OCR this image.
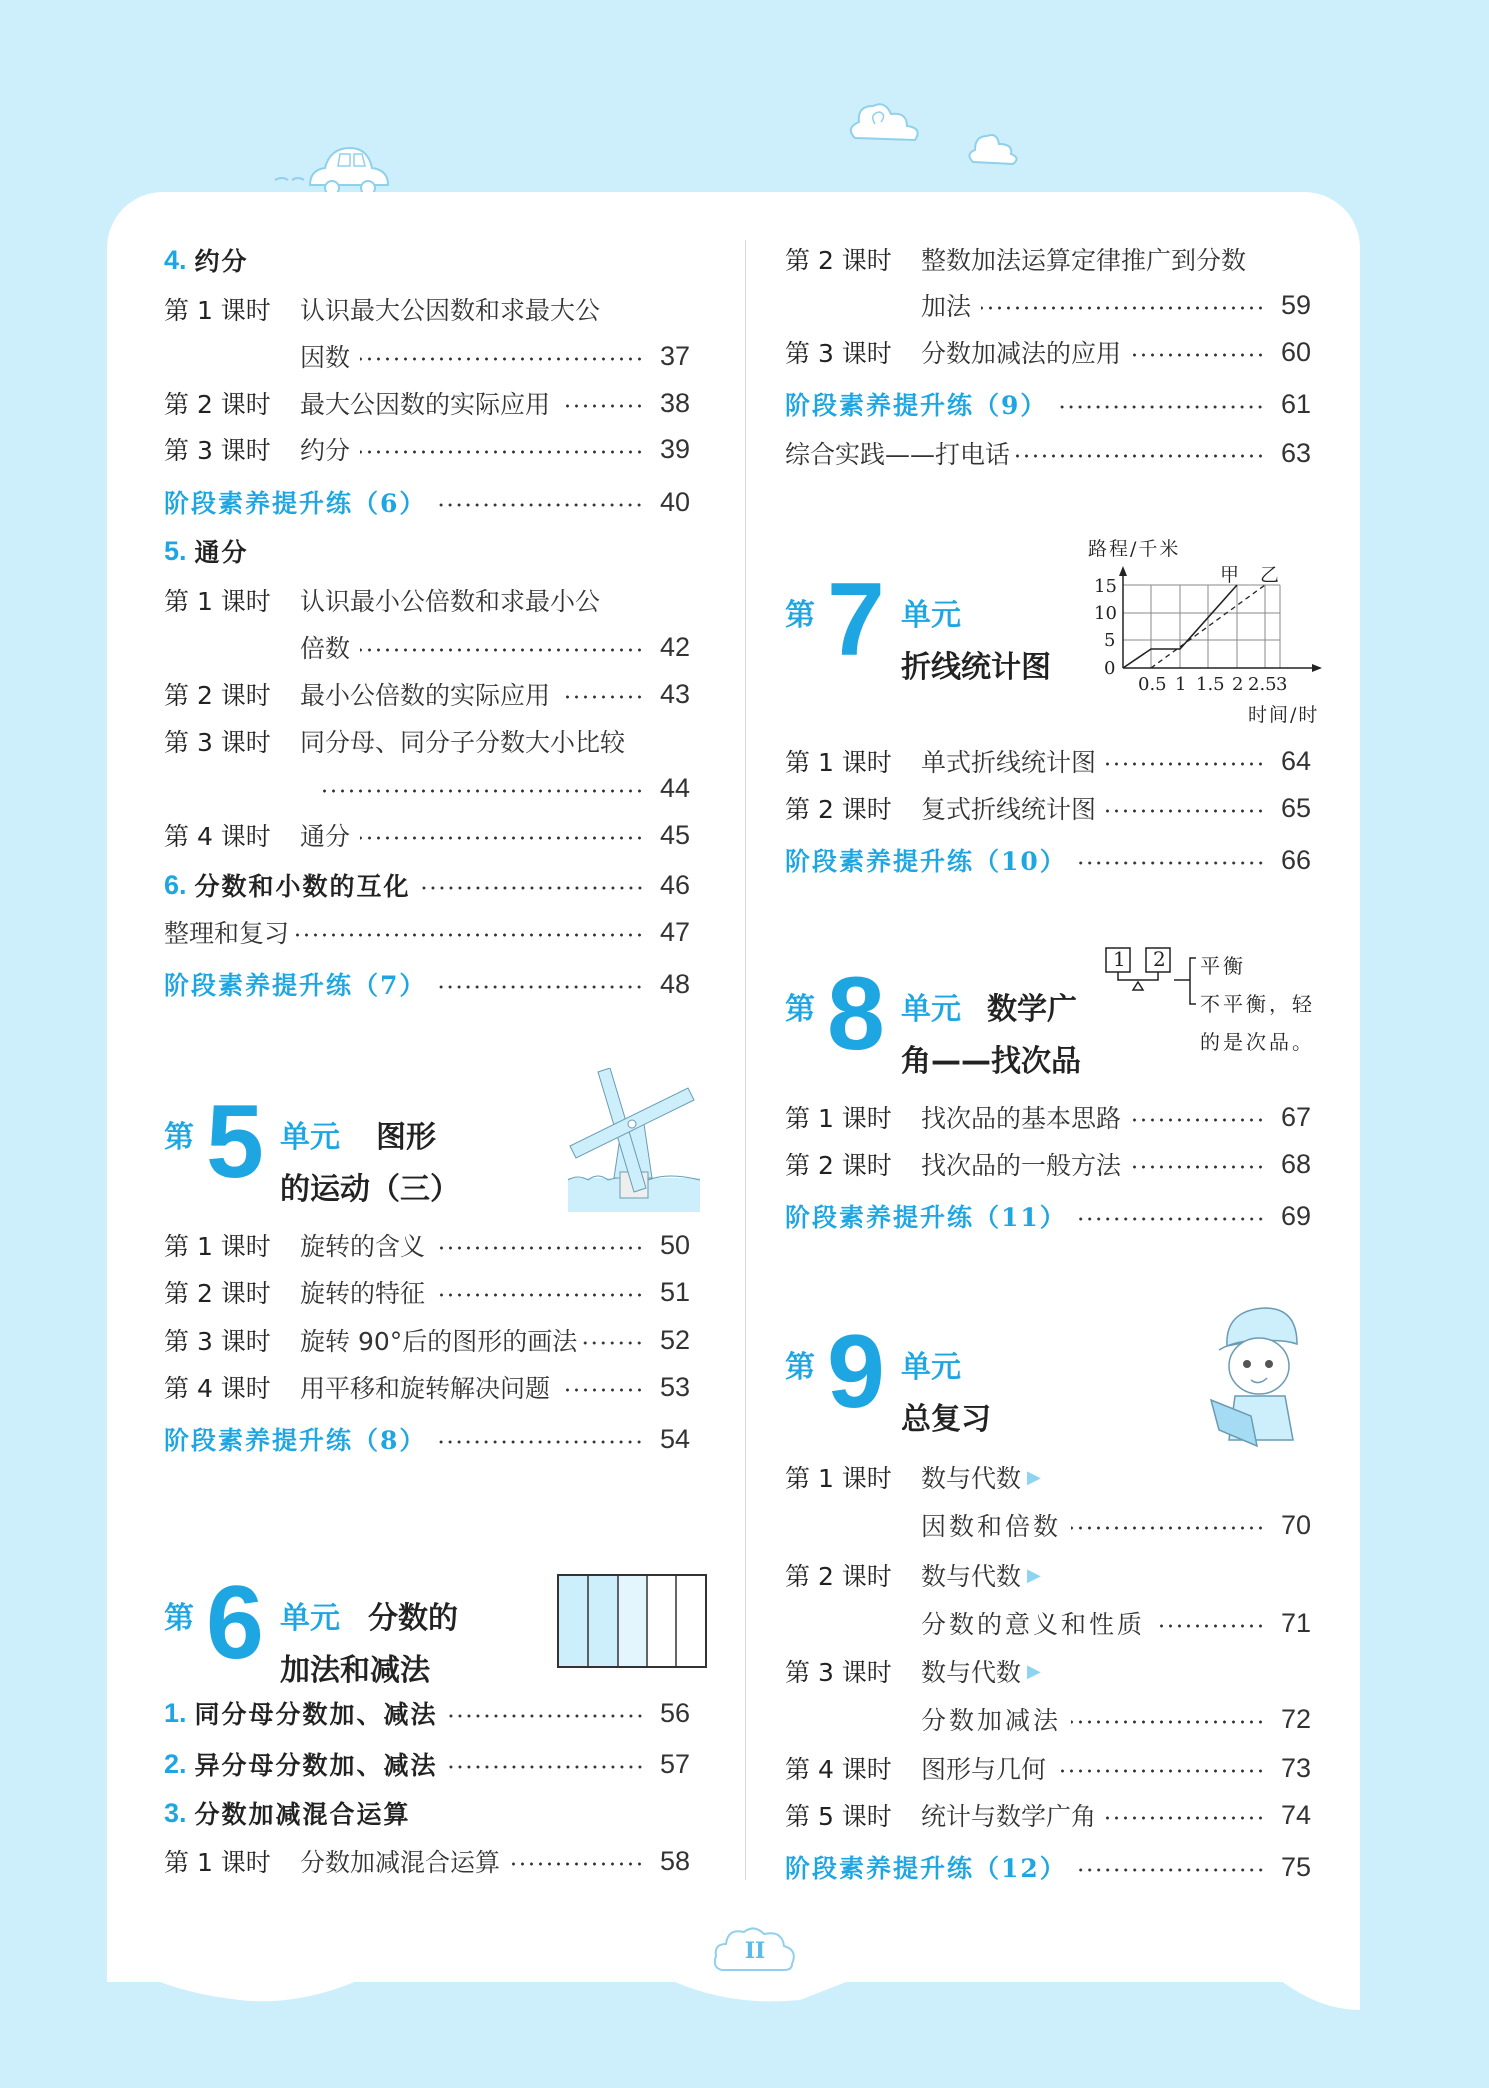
4. 约分
第 1 课时	认识最大公因数和求最大公
因数	37
第 2 课时	最大公因数的实际应用	38
第 3 课时	约分	39
阶段素养提升练（6）	40
5. 通分
第 1 课时	认识最小公倍数和求最小公
倍数	42
第 2 课时	最小公倍数的实际应用	43
第 3 课时	同分母、同分子分数大小比较
44
第 4 课时	通分	45
6. 分数和小数的互化	46
整理和复习	47
阶段素养提升练（7）	48
第 5 单元 图形
的运动（三）
第 1 课时	旋转的含义	50
第 2 课时	旋转的特征	51
第 3 课时	旋转 90°后的图形的画法	52
第 4 课时	用平移和旋转解决问题	53
阶段素养提升练（8）	54
第 6 单元 分数的
加法和减法
1. 同分母分数加、减法	56
2. 异分母分数加、减法	57
3. 分数加减混合运算
第 1 课时	分数加减混合运算	58
第 2 课时	整数加法运算定律推广到分数
加法	59
第 3 课时	分数加减法的应用	60
阶段素养提升练（9）	61
综合实践——打电话	63
第 7 单元
折线统计图
路程/千米
时间/时
甲 乙
15
10
5
0
0.5 1 1.5 2 2.5 3
第 1 课时	单式折线统计图	64
第 2 课时	复式折线统计图	65
阶段素养提升练（10）	66
第 8 单元 数学广
角——找次品
1 2 平衡
不平衡，轻
的是次品。
第 1 课时	找次品的基本思路	67
第 2 课时	找次品的一般方法	68
阶段素养提升练（11）	69
第 9 单元
总复习
第 1 课时	数与代数 ▶
因数和倍数	70
第 2 课时	数与代数 ▶
分数的意义和性质	71
第 3 课时	数与代数 ▶
分数加减法	72
第 4 课时	图形与几何	73
第 5 课时	统计与数学广角	74
阶段素养提升练（12）	75
II
